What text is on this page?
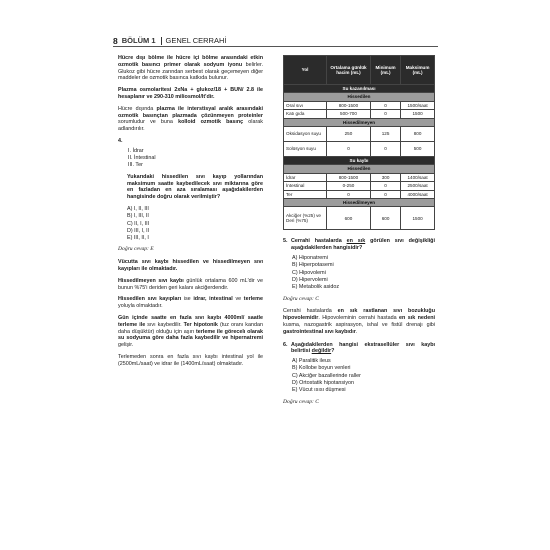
8 BÖLÜM 1 GENEL CERRAHİ

Hücre dışı bölme ile hücre içi bölme arasındaki etkin ozmotik basıncı primer olarak sodyum iyonu belirler. Glukoz gibi hücre zarından serbest olarak geçemeyen diğer maddeler de ozmotik basınca katkıda bulunur.

Plazma osmolaritesi 2xNa + glukoz/18 + BUN/ 2.8 ile hesaplanır ve 290-310 miliosmol/lt'dir.

Hücre dışında plazma ile interstisyal aralık arasındaki ozmotik basınçtan plazmada çözünmeyen proteinler sorumludur ve buna kolloid ozmotik basınç olarak adlandırılır.

4.
I. İdrar
II. İntestinal
III. Ter

Yukarıdaki hissedilen sıvı kayıp yollarından maksimum saatte kaybedilecek sıvı miktarına göre en fazladan en aza sıralaması aşağıdakilerden hangisinde doğru olarak verilmiştir?

A) I, II, III
B) I, III, II
C) II, I, III
D) III, I, II
E) III, II, I
Doğru cevap: E

Vücutta sıvı kaybı hissedilen ve hissedilmeyen sıvı kayıpları ile olmaktadır.

Hissedilmeyen sıvı kaybı günlük ortalama 600 mL'dir ve bunun %75'i deriden geri kalanı akciğerdendir.

Hissedilen sıvı kayıpları ise idrar, intestinal ve terleme yoluyla olmaktadır.

Gün içinde saatte en fazla sıvı kaybı 4000ml/ saatle terleme ile sıvı kaybedilir. Ter hipotonik (tuz oranı kandan daha düşüktür) olduğu için aşırı terleme ile görecelı olarak su sodyuma göre daha fazla kaybedilir ve hipernatremi gelişir.

Terlemeden sonra en fazla sıvı kaybı intestinal yol ile (2500mL/saat) ve idrar ile (1400mL/saat) olmaktadır.

Yol	Ortalama günlük hacim (mL)	Minimum (mL)	Maksimum (mL)
Su kazanılması			
Hissedilen			
Oral sıvı	800-1500	0	1500/saat
Katı gıda	500-700	0	1500
Hissedilmeyen			
Oksidasyon suyu	250	125	800
Solüsyon suyu	0	0	500
Su kaybı			
Hissedilen			
İdrar	800-1500	300	1400/saat
İntestinal	0-250	0	2500/saat
Ter	0	0	4000/saat
Hissedilmeyen			
Akciğer (%25) ve Deri (%75)	600	600	1500
5. Cerrahi hastalarda en sık görülen sıvı değişikliği aşağıdakilerden hangisidir?
A) Hiponatremi
B) Hiperpotasemi
C) Hipovolemi
D) Hipervolemi
E) Metabolik asidoz
Doğru cevap: C

Cerrahi hastalarda en sık rastlanan sıvı bozukluğu hipovolemidir. Hipovoleminin cerrahi hastada en sık nedeni kusma, nazogastrik aspirasyon, ishal ve fistül drenajı gibi gastrointestinal sıvı kaybıdır.

6. Aşağıdakilerden hangisi ekstrasellüler sıvı kaybı belirtisi değildir?
A) Paralitik ileus
B) Kollobe boyun venleri
C) Akciğer bazallerinde raller
D) Ortostatik hipotansiyon
E) Vücut ısısı düşmesi
Doğru cevap: C
